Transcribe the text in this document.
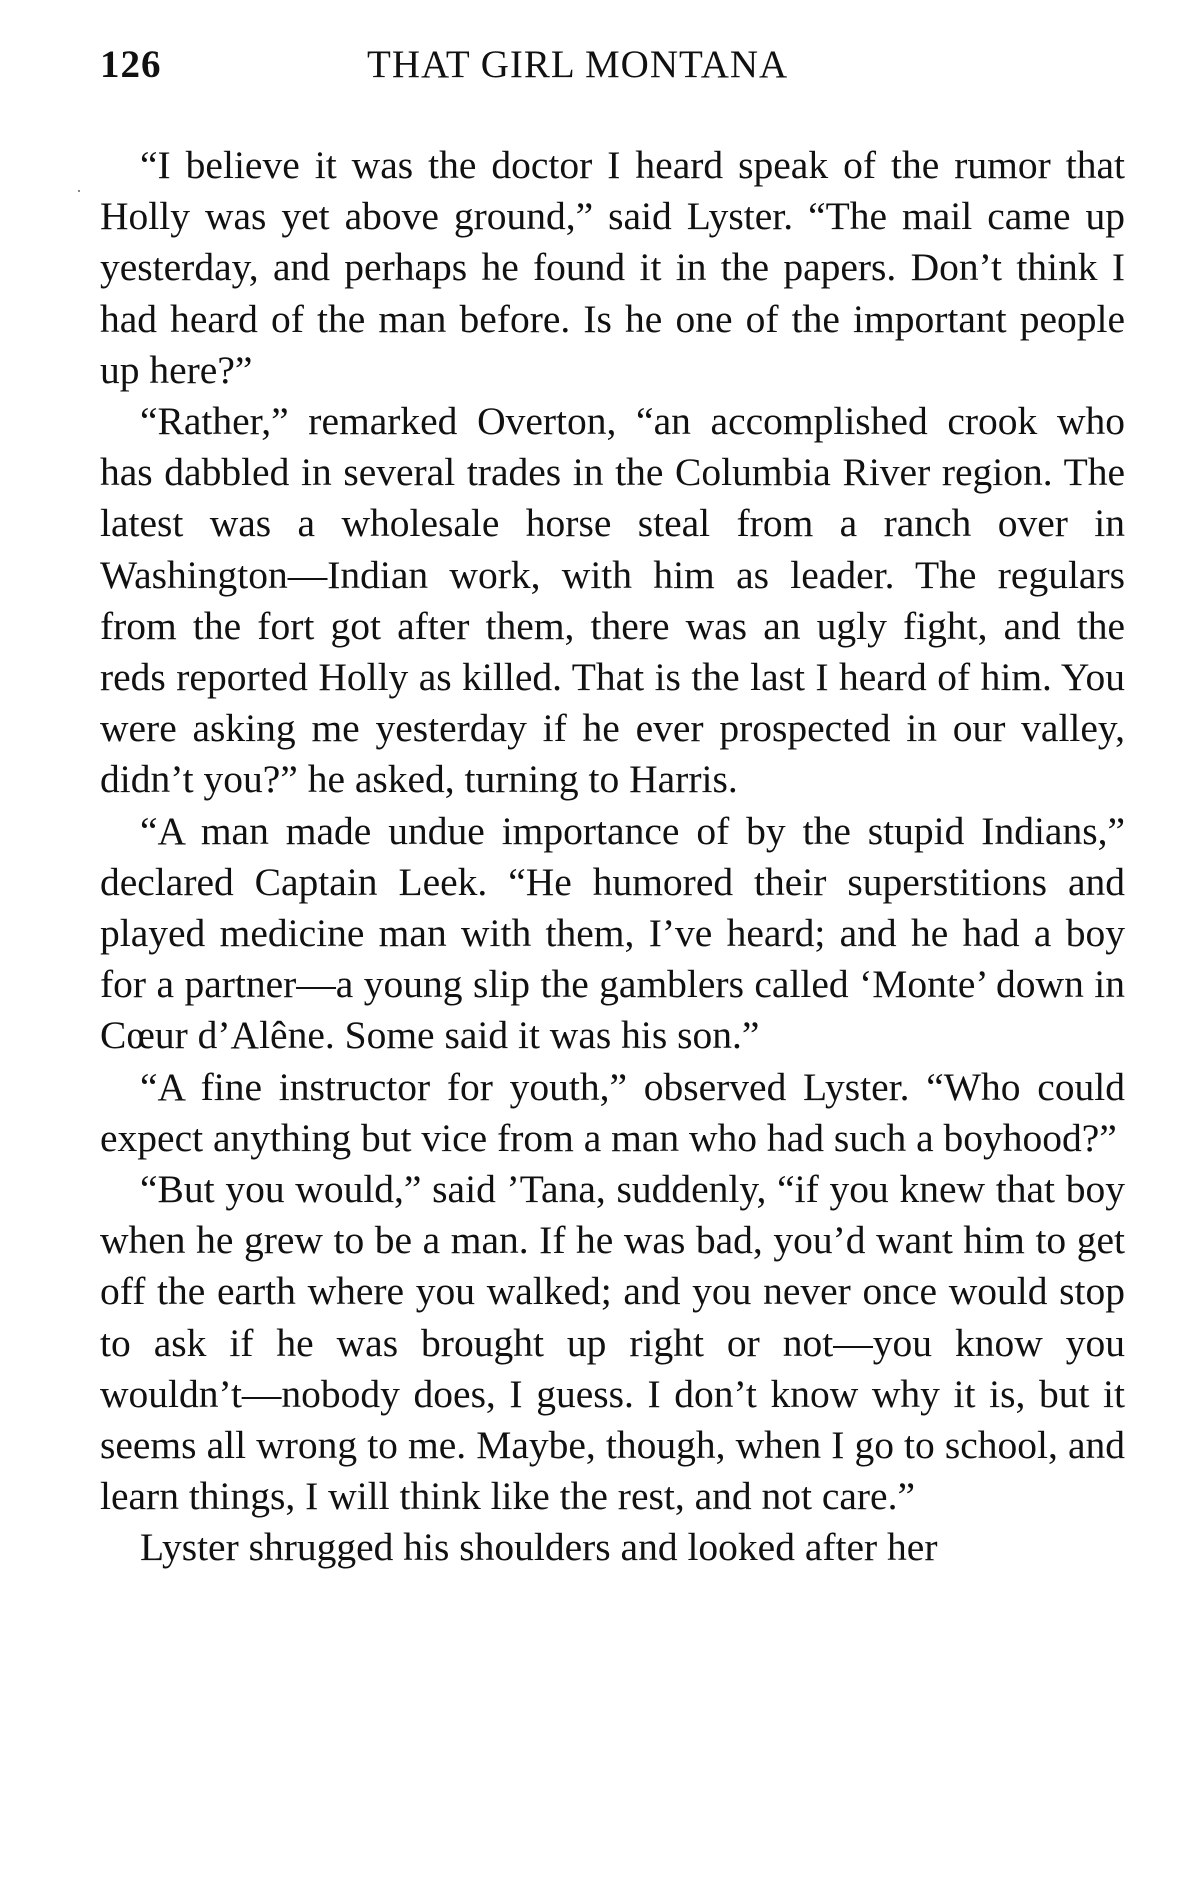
126	THAT GIRL MONTANA

“I believe it was the doctor I heard speak of the rumor that Holly was yet above ground,” said Lyster. “The mail came up yesterday, and perhaps he found it in the papers. Don’t think I had heard of the man before. Is he one of the important people up here?”

“Rather,” remarked Overton, “an accomplished crook who has dabbled in several trades in the Columbia River region. The latest was a wholesale horse steal from a ranch over in Washington—Indian work, with him as leader. The regulars from the fort got after them, there was an ugly fight, and the reds reported Holly as killed. That is the last I heard of him. You were asking me yesterday if he ever prospected in our valley, didn’t you?” he asked, turning to Harris.

“A man made undue importance of by the stupid Indians,” declared Captain Leek. “He humored their superstitions and played medicine man with them, I’ve heard; and he had a boy for a partner—a young slip the gamblers called ‘Monte’ down in Cœur d’Alêne. Some said it was his son.”

“A fine instructor for youth,” observed Lyster. “Who could expect anything but vice from a man who had such a boyhood?”

“But you would,” said ’Tana, suddenly, “if you knew that boy when he grew to be a man. If he was bad, you’d want him to get off the earth where you walked; and you never once would stop to ask if he was brought up right or not—you know you wouldn’t—nobody does, I guess. I don’t know why it is, but it seems all wrong to me. Maybe, though, when I go to school, and learn things, I will think like the rest, and not care.”

Lyster shrugged his shoulders and looked after her
